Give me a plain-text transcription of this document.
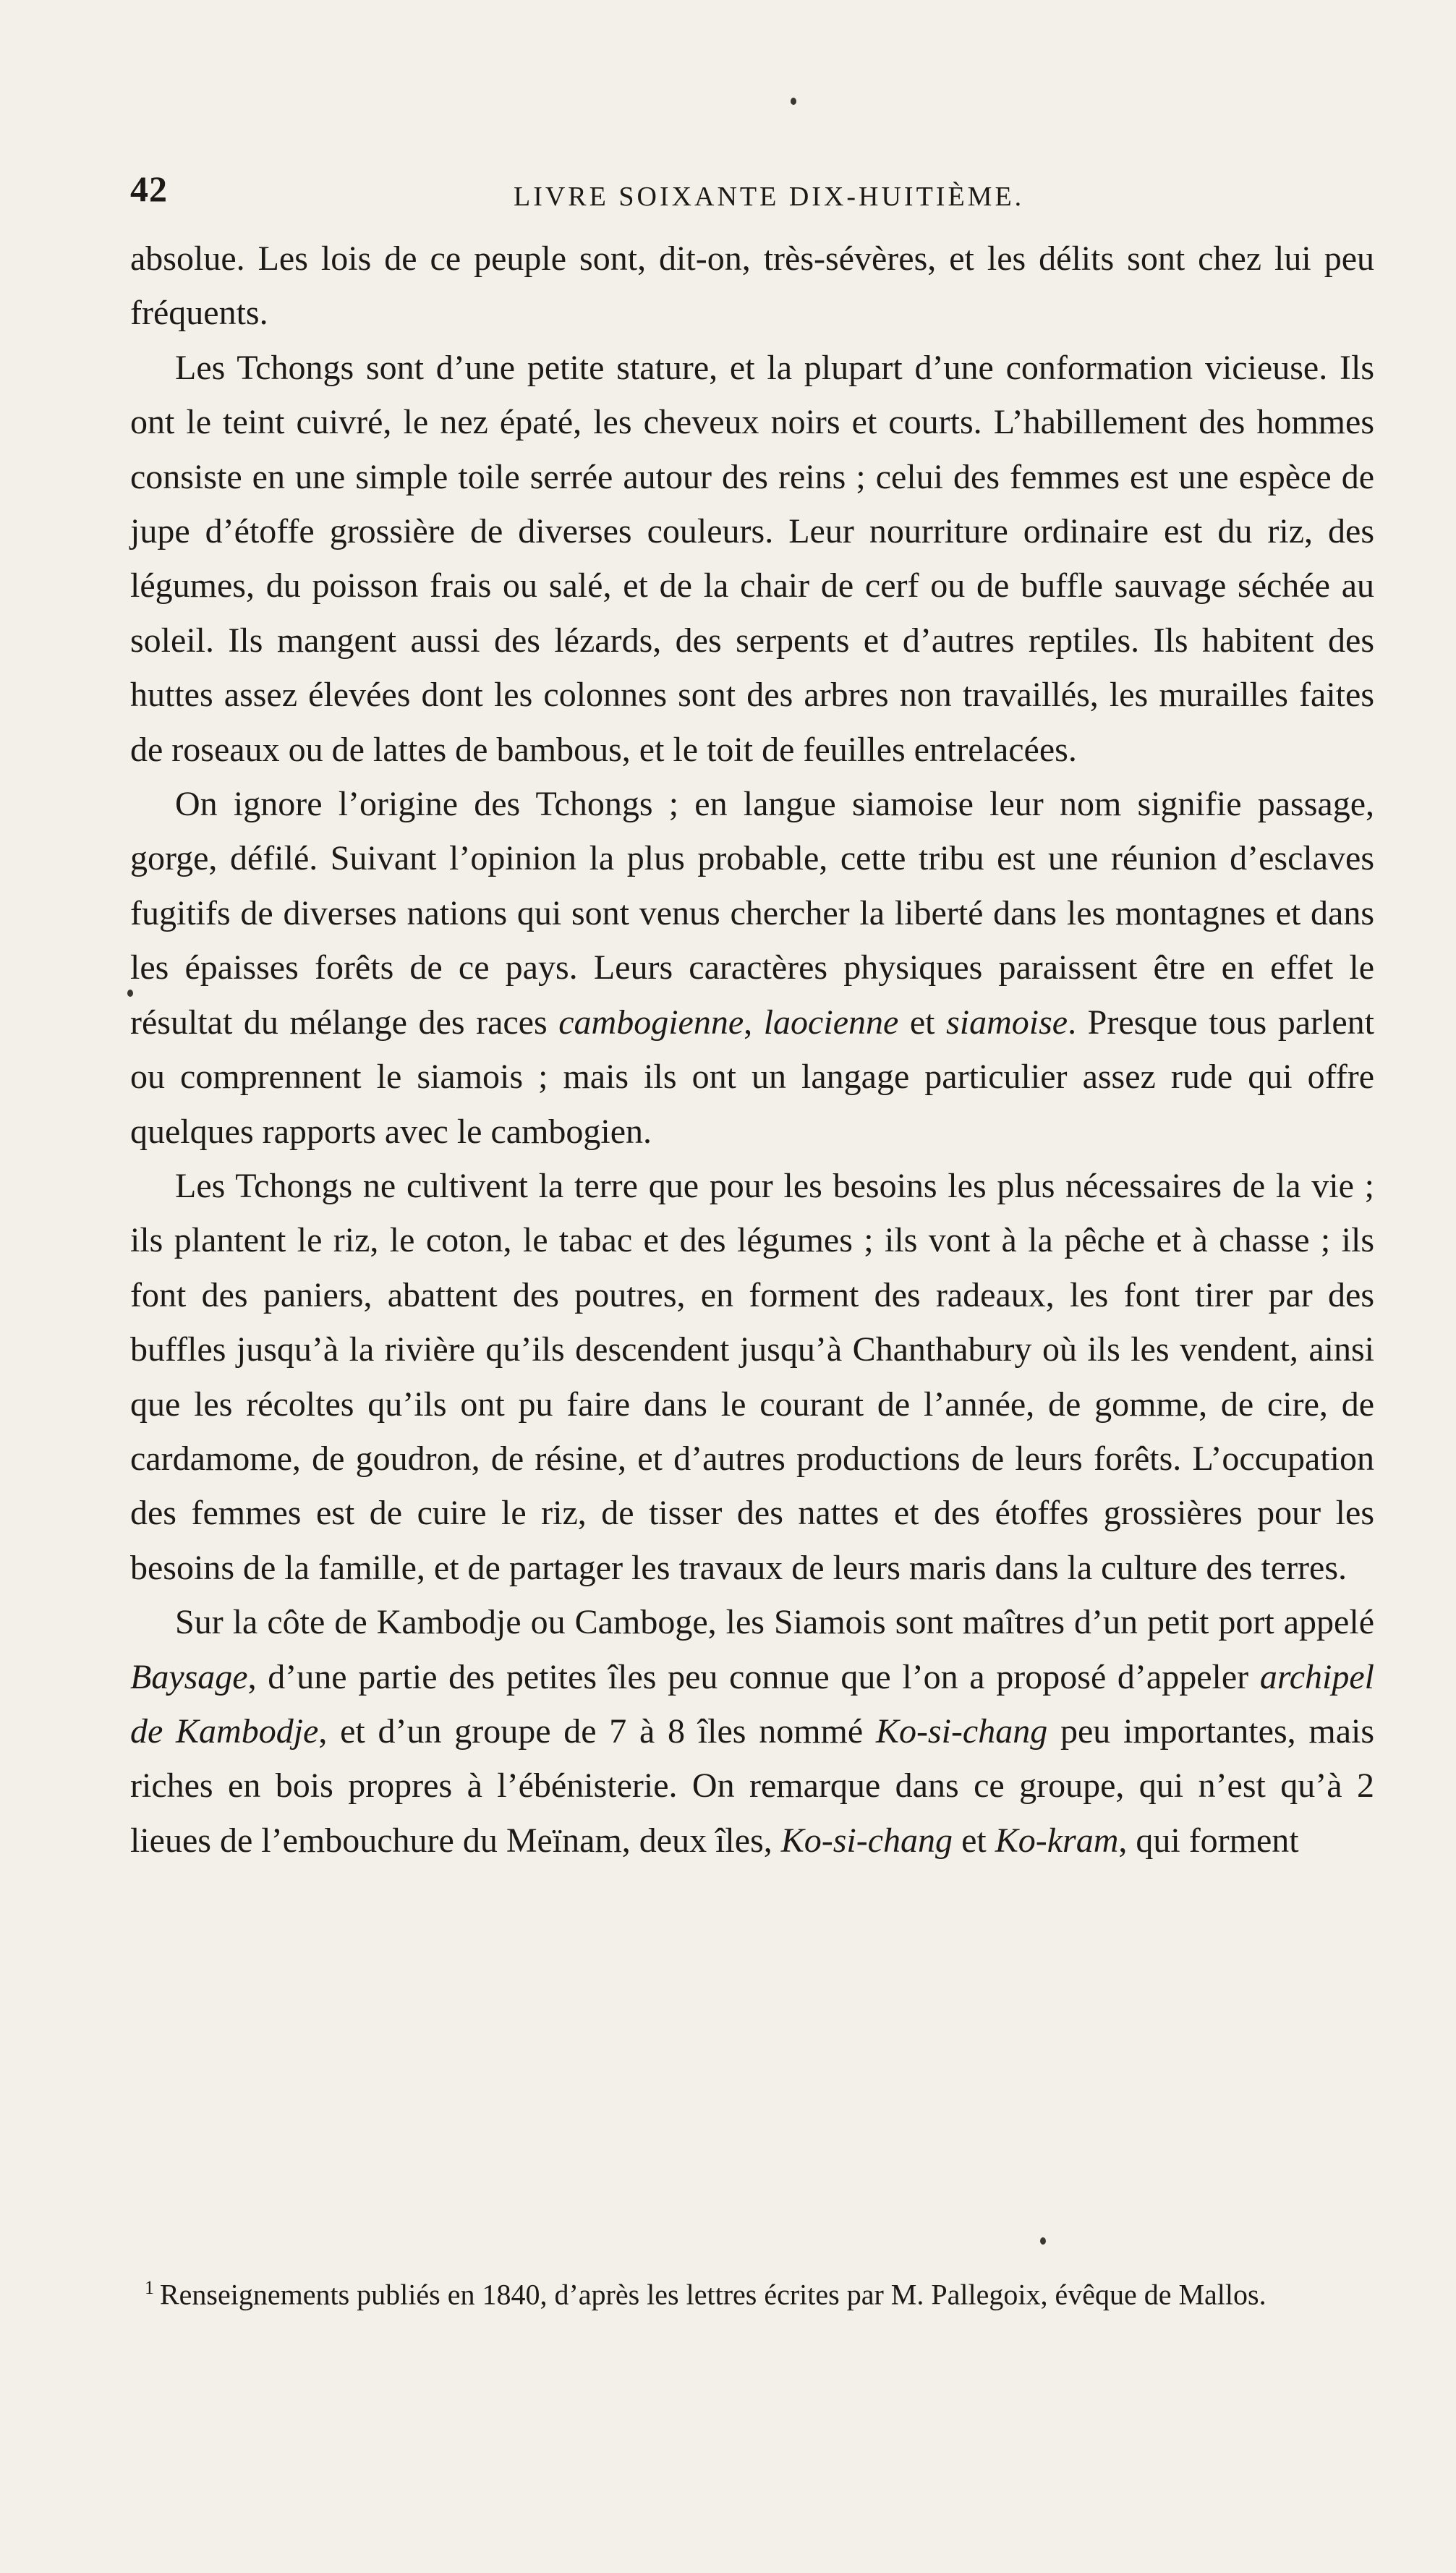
42	LIVRE SOIXANTE DIX-HUITIÈME.

absolue. Les lois de ce peuple sont, dit-on, très-sévères, et les délits sont chez lui peu fréquents.

Les Tchongs sont d’une petite stature, et la plupart d’une conformation vicieuse. Ils ont le teint cuivré, le nez épaté, les cheveux noirs et courts. L’habillement des hommes consiste en une simple toile serrée autour des reins ; celui des femmes est une espèce de jupe d’étoffe grossière de diverses couleurs. Leur nourriture ordinaire est du riz, des légumes, du poisson frais ou salé, et de la chair de cerf ou de buffle sauvage séchée au soleil. Ils mangent aussi des lézards, des serpents et d’autres reptiles. Ils habitent des huttes assez élevées dont les colonnes sont des arbres non travaillés, les murailles faites de roseaux ou de lattes de bambous, et le toit de feuilles entrelacées.

On ignore l’origine des Tchongs ; en langue siamoise leur nom signifie passage, gorge, défilé. Suivant l’opinion la plus probable, cette tribu est une réunion d’esclaves fugitifs de diverses nations qui sont venus chercher la liberté dans les montagnes et dans les épaisses forêts de ce pays. Leurs caractères physiques paraissent être en effet le résultat du mélange des races cambogienne, laocienne et siamoise. Presque tous parlent ou comprennent le siamois ; mais ils ont un langage particulier assez rude qui offre quelques rapports avec le cambogien.

Les Tchongs ne cultivent la terre que pour les besoins les plus nécessaires de la vie ; ils plantent le riz, le coton, le tabac et des légumes ; ils vont à la pêche et à chasse ; ils font des paniers, abattent des poutres, en forment des radeaux, les font tirer par des buffles jusqu’à la rivière qu’ils descendent jusqu’à Chanthabury où ils les vendent, ainsi que les récoltes qu’ils ont pu faire dans le courant de l’année, de gomme, de cire, de cardamome, de goudron, de résine, et d’autres productions de leurs forêts. L’occupation des femmes est de cuire le riz, de tisser des nattes et des étoffes grossières pour les besoins de la famille, et de partager les travaux de leurs maris dans la culture des terres.

Sur la côte de Kambodje ou Camboge, les Siamois sont maîtres d’un petit port appelé Baysage, d’une partie des petites îles peu connue que l’on a proposé d’appeler archipel de Kambodje, et d’un groupe de 7 à 8 îles nommé Ko-si-chang peu importantes, mais riches en bois propres à l’ébénisterie. On remarque dans ce groupe, qui n’est qu’à 2 lieues de l’embouchure du Meïnam, deux îles, Ko-si-chang et Ko-kram, qui forment

$^1$ Renseignements publiés en 1840, d’après les lettres écrites par M. Pallegoix, évêque de Mallos.
